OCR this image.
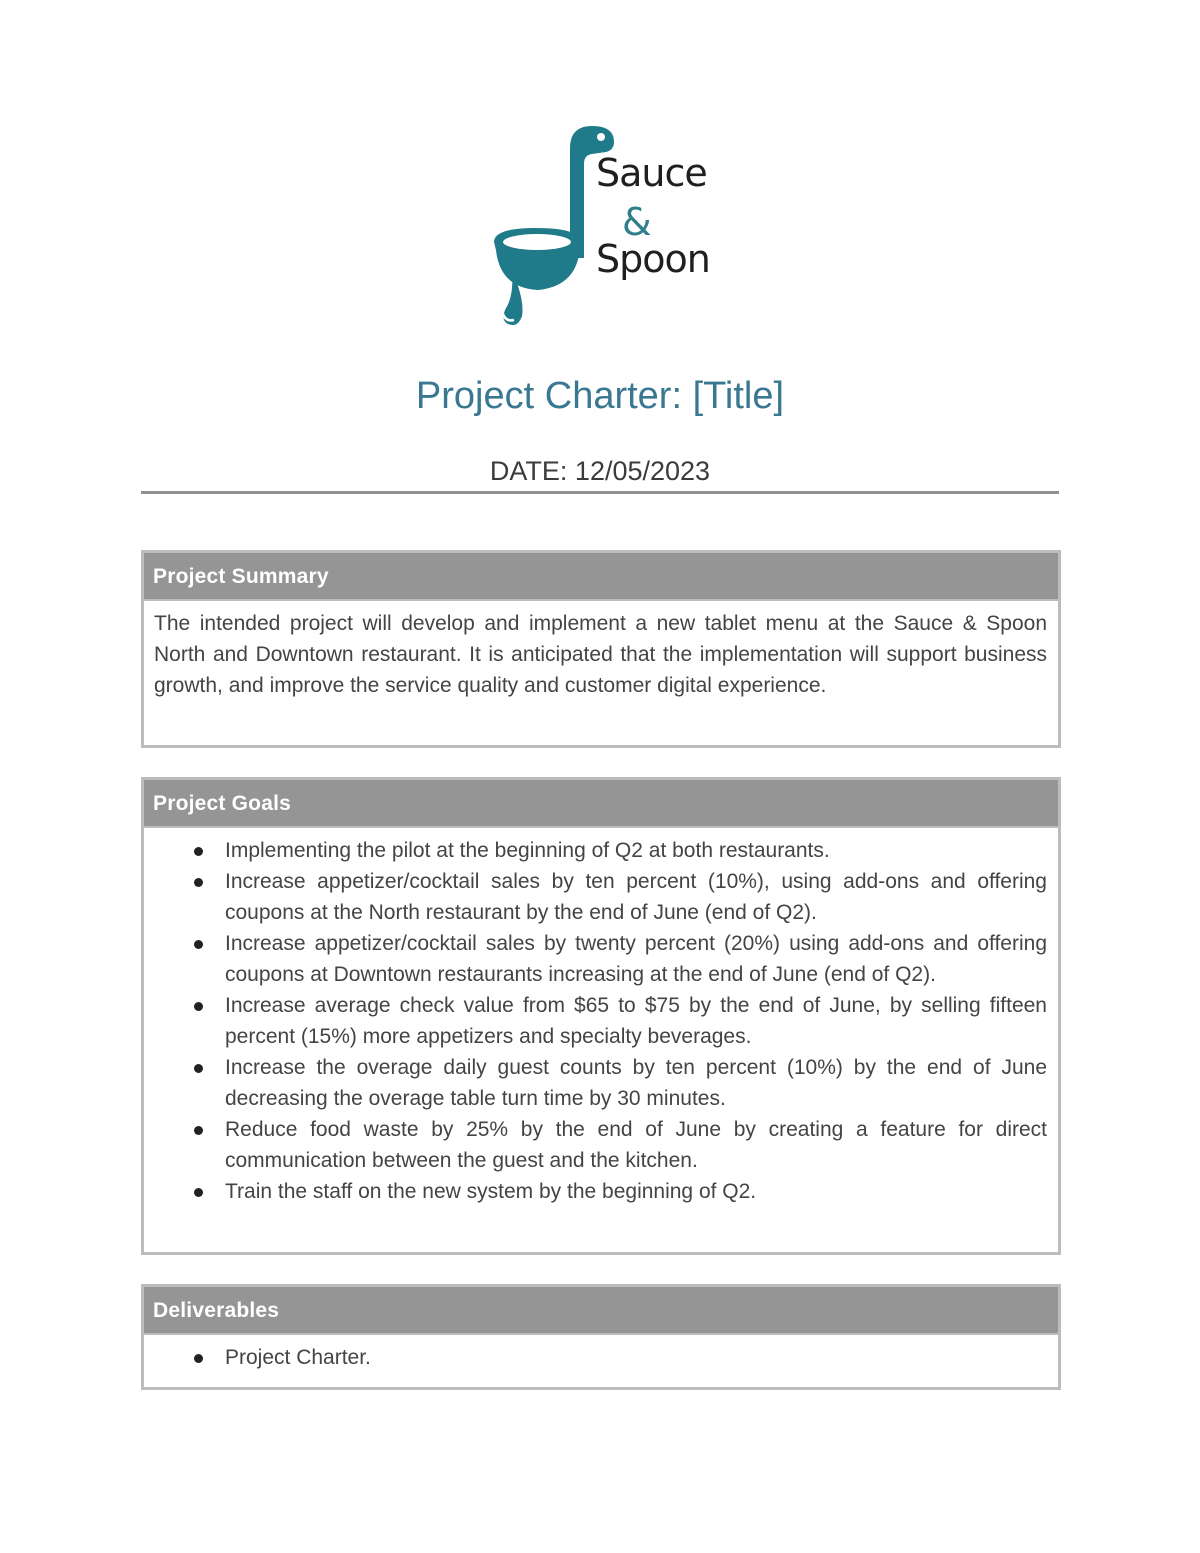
Sauce
&
Spoon
Project Charter: [Title]
DATE: 12/05/2023
Project Summary
The intended project will develop and implement a new tablet menu at the Sauce & Spoon North and Downtown restaurant. It is anticipated that the implementation will support business growth, and improve the service quality and customer digital experience.
Project Goals
Implementing the pilot at the beginning of Q2 at both restaurants.
Increase appetizer/cocktail sales by ten percent (10%), using add-ons and offering coupons at the North restaurant by the end of June (end of Q2).
Increase appetizer/cocktail sales by twenty percent (20%) using add-ons and offering coupons at Downtown restaurants increasing at the end of June (end of Q2).
Increase average check value from $65 to $75 by the end of June, by selling fifteen percent (15%) more appetizers and specialty beverages.
Increase the overage daily guest counts by ten percent (10%) by the end of June decreasing the overage table turn time by 30 minutes.
Reduce food waste by 25% by the end of June by creating a feature for direct communication between the guest and the kitchen.
Train the staff on the new system by the beginning of Q2.
Deliverables
Project Charter.
